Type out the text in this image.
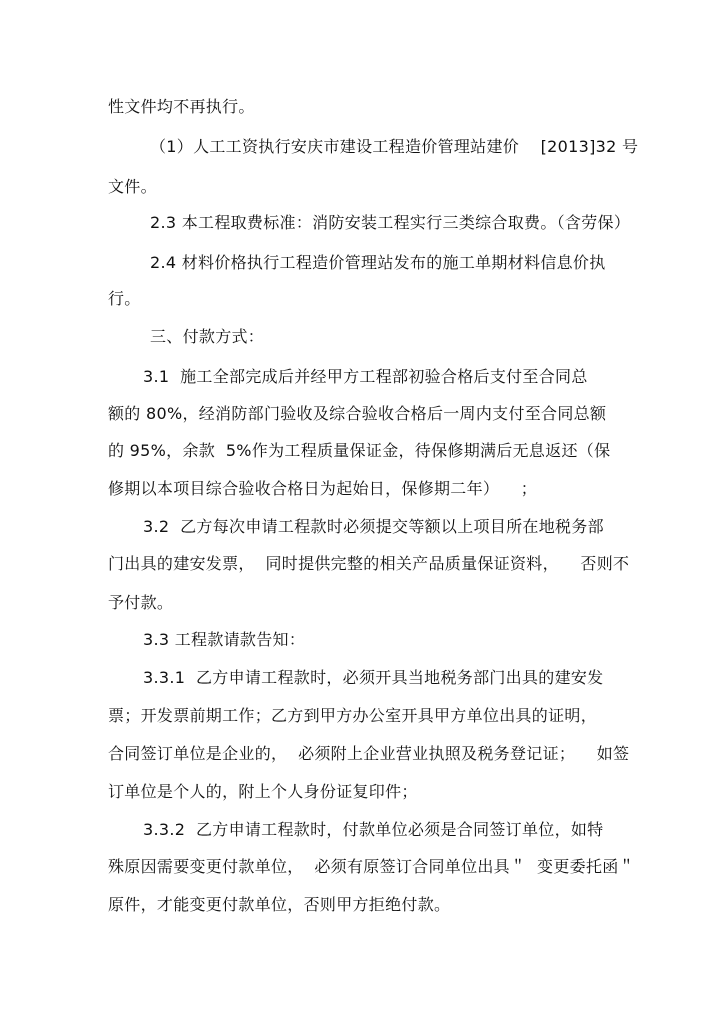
性文件均不再执行。
（1）人工工资执行安庆市建设工程造价管理站建价    [2013]32 号
文件。
2.3 本工程取费标准：消防安装工程实行三类综合取费。（含劳保）
2.4 材料价格执行工程造价管理站发布的施工单期材料信息价执
行。
三、付款方式：
3.1  施工全部完成后并经甲方工程部初验合格后支付至合同总
额的 80%，经消防部门验收及综合验收合格后一周内支付至合同总额
的 95%，余款  5%作为工程质量保证金，待保修期满后无息返还（保
修期以本项目综合验收合格日为起始日，保修期二年）    ；
3.2  乙方每次申请工程款时必须提交等额以上项目所在地税务部
门出具的建安发票，  同时提供完整的相关产品质量保证资料，    否则不
予付款。
3.3 工程款请款告知：
3.3.1  乙方申请工程款时，必须开具当地税务部门出具的建安发
票；开发票前期工作；乙方到甲方办公室开具甲方单位出具的证明，
合同签订单位是企业的，  必须附上企业营业执照及税务登记证；    如签
订单位是个人的，附上个人身份证复印件；
3.3.2  乙方申请工程款时，付款单位必须是合同签订单位，如特
殊原因需要变更付款单位，  必须有原签订合同单位出具＂  变更委托函＂
原件，才能变更付款单位，否则甲方拒绝付款。
